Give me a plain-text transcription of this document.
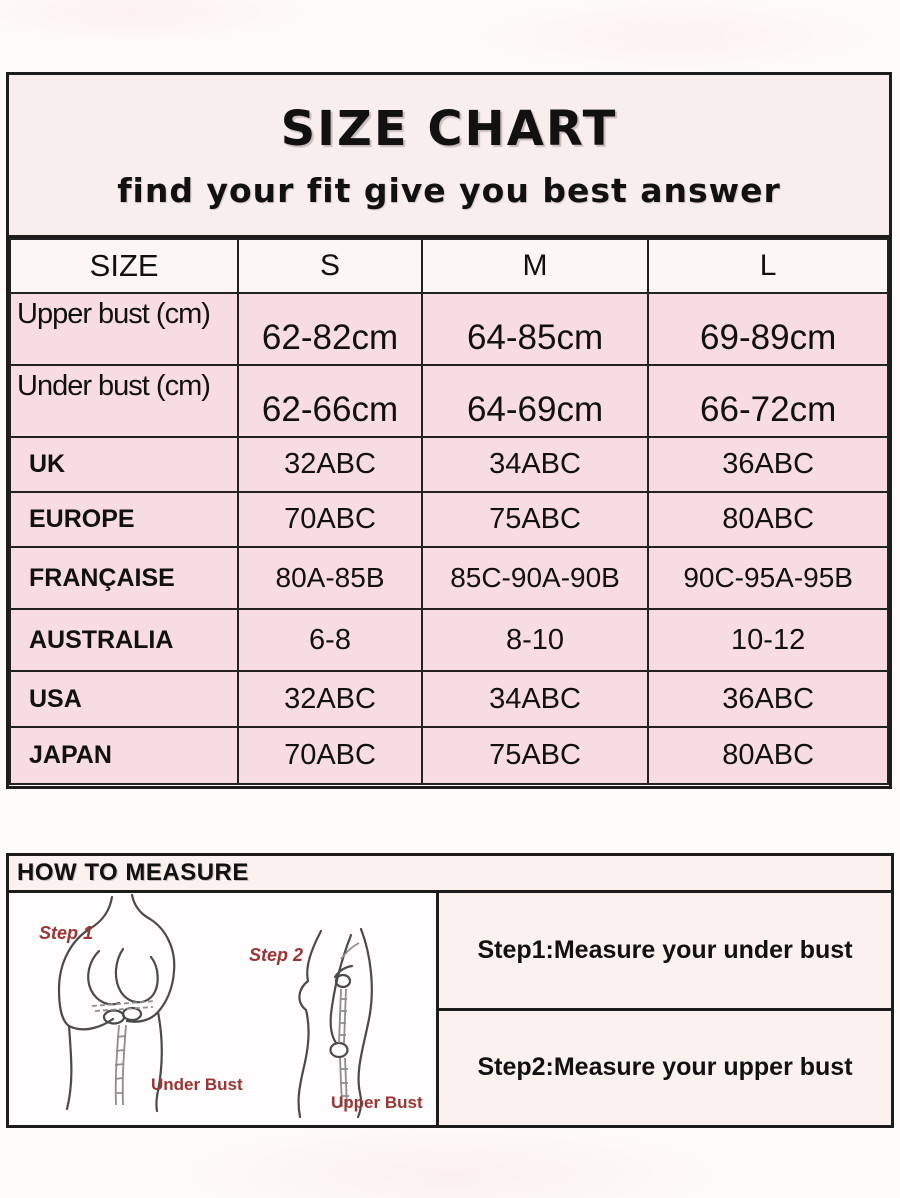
SIZE CHART
find your fit give you best answer
SIZE	S	M	L
Upper bust (cm)	62-82cm	64-85cm	69-89cm
Under bust (cm)	62-66cm	64-69cm	66-72cm
UK	32ABC	34ABC	36ABC
EUROPE	70ABC	75ABC	80ABC
FRANÇAISE	80A-85B	85C-90A-90B	90C-95A-95B
AUSTRALIA	6-8	8-10	10-12
USA	32ABC	34ABC	36ABC
JAPAN	70ABC	75ABC	80ABC
HOW TO MEASURE
Step 1
Step 2
Under Bust
Upper Bust
Step1:Measure your under bust
Step2:Measure your upper bust
